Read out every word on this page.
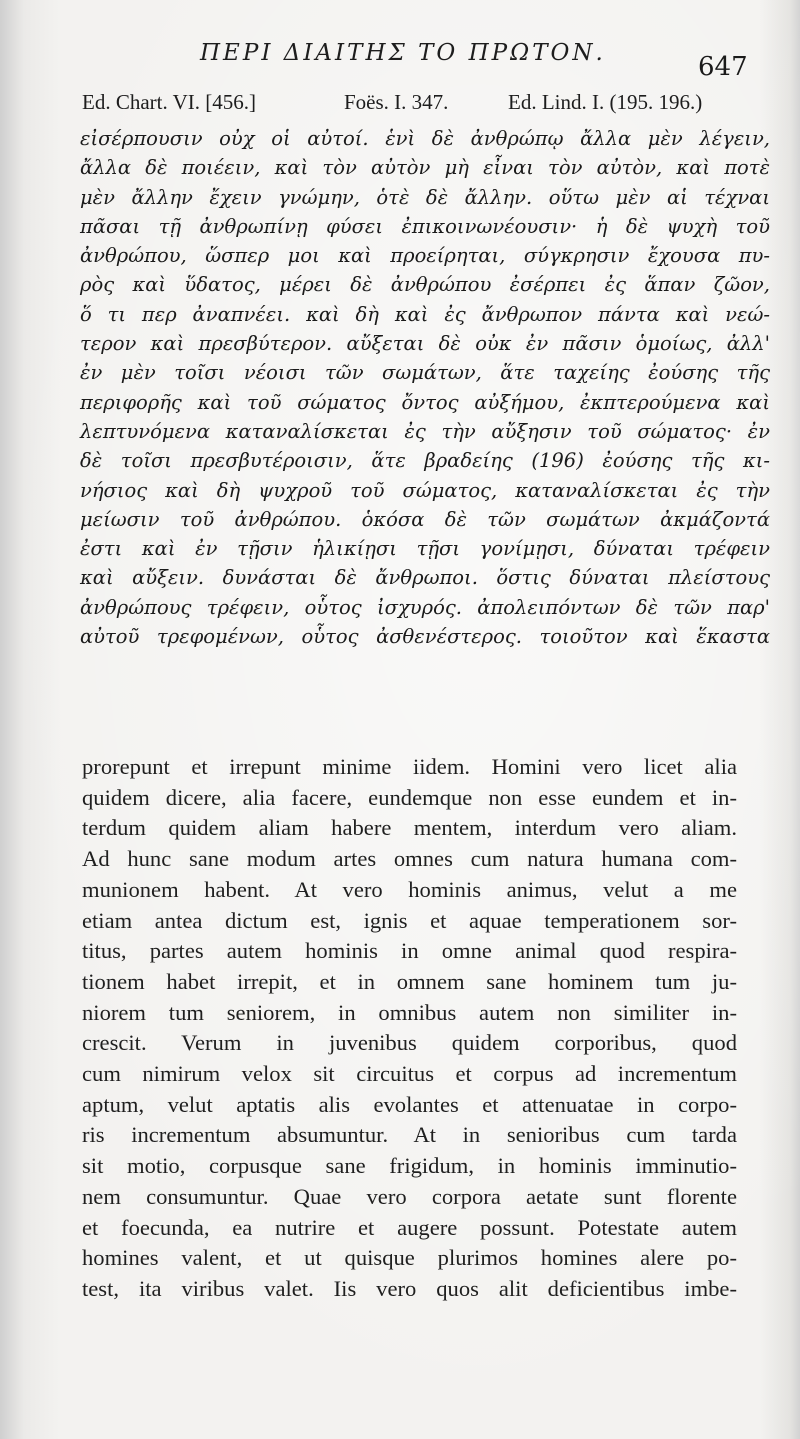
ΠΕΡΙ ΔΙΑΙΤΗΣ ΤΟ ΠΡΩΤΟΝ.	647
Ed. Chart. VI. [456.]	Foës. I. 347.	Ed. Lind. I. (195. 196.)
εἰσέρπουσιν οὐχ οἱ αὐτοί. ἑνὶ δὲ ἀνθρώπῳ ἄλλα μὲν λέγειν,
ἄλλα δὲ ποιέειν, καὶ τὸν αὐτὸν μὴ εἶναι τὸν αὐτὸν, καὶ ποτὲ
μὲν ἄλλην ἔχειν γνώμην, ὁτὲ δὲ ἄλλην. οὕτω μὲν αἱ τέχναι
πᾶσαι τῇ ἀνθρωπίνῃ φύσει ἐπικοινωνέουσιν· ἡ δὲ ψυχὴ τοῦ
ἀνθρώπου, ὥσπερ μοι καὶ προείρηται, σύγκρησιν ἔχουσα πυ-
ρὸς καὶ ὕδατος, μέρει δὲ ἀνθρώπου ἐσέρπει ἐς ἅπαν ζῶον,
ὅ τι περ ἀναπνέει. καὶ δὴ καὶ ἐς ἄνθρωπον πάντα καὶ νεώ-
τερον καὶ πρεσβύτερον. αὔξεται δὲ οὐκ ἐν πᾶσιν ὁμοίως, ἀλλ'
ἐν μὲν τοῖσι νέοισι τῶν σωμάτων, ἅτε ταχείης ἐούσης τῆς
περιφορῆς καὶ τοῦ σώματος ὄντος αὐξήμου, ἐκπτερούμενα καὶ
λεπτυνόμενα καταναλίσκεται ἐς τὴν αὔξησιν τοῦ σώματος· ἐν
δὲ τοῖσι πρεσβυτέροισιν, ἅτε βραδείης (196) ἐούσης τῆς κι-
νήσιος καὶ δὴ ψυχροῦ τοῦ σώματος, καταναλίσκεται ἐς τὴν
μείωσιν τοῦ ἀνθρώπου. ὁκόσα δὲ τῶν σωμάτων ἀκμάζοντά
ἐστι καὶ ἐν τῇσιν ἡλικίῃσι τῇσι γονίμῃσι, δύναται τρέφειν
καὶ αὔξειν. δυνάσται δὲ ἄνθρωποι. ὅστις δύναται πλείστους
ἀνθρώπους τρέφειν, οὗτος ἰσχυρός. ἀπολειπόντων δὲ τῶν παρ'
αὐτοῦ τρεφομένων, οὗτος ἀσθενέστερος. τοιοῦτον καὶ ἕκαστα
prorepunt et irrepunt minime iidem. Homini vero licet alia
quidem dicere, alia facere, eundemque non esse eundem et in-
terdum quidem aliam habere mentem, interdum vero aliam.
Ad hunc sane modum artes omnes cum natura humana com-
munionem habent. At vero hominis animus, velut a me
etiam antea dictum est, ignis et aquae temperationem sor-
titus, partes autem hominis in omne animal quod respira-
tionem habet irrepit, et in omnem sane hominem tum ju-
niorem tum seniorem, in omnibus autem non similiter in-
crescit. Verum in juvenibus quidem corporibus, quod
cum nimirum velox sit circuitus et corpus ad incrementum
aptum, velut aptatis alis evolantes et attenuatae in corpo-
ris incrementum absumuntur. At in senioribus cum tarda
sit motio, corpusque sane frigidum, in hominis imminutio-
nem consumuntur. Quae vero corpora aetate sunt florente
et foecunda, ea nutrire et augere possunt. Potestate autem
homines valent, et ut quisque plurimos homines alere po-
test, ita viribus valet. Iis vero quos alit deficientibus imbe-
